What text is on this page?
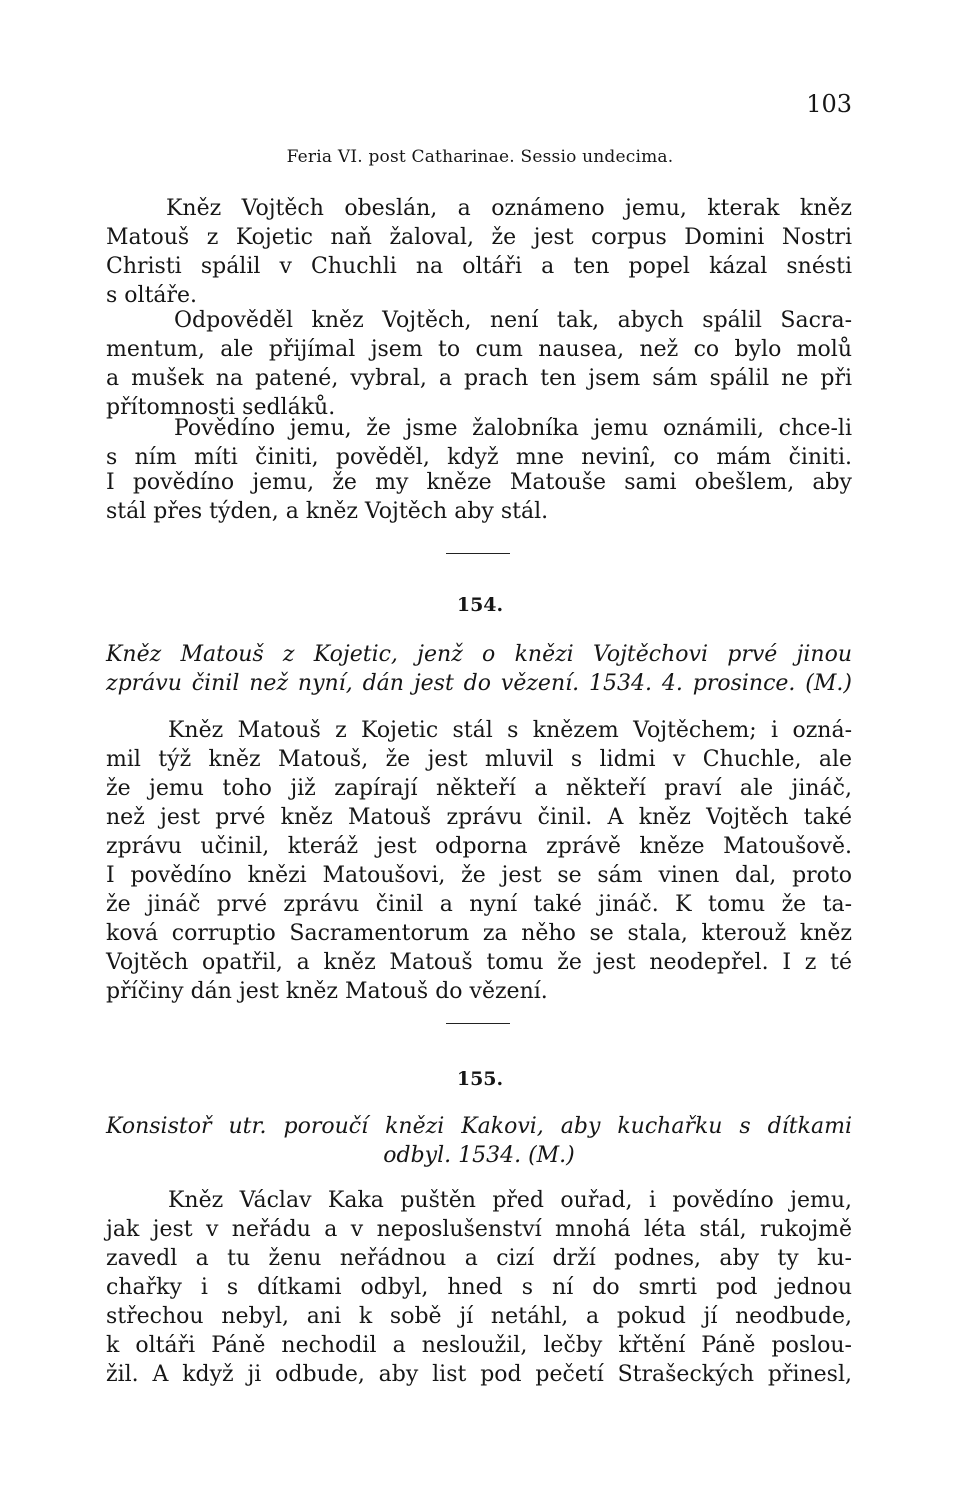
103
Feria VI. post Catharinae. Sessio undecima.
Kněz Vojtěch obeslán, a oznámeno jemu, kterak kněz
Matouš z Kojetic naň žaloval, že jest corpus Domini Nostri
Christi spálil v Chuchli na oltáři a ten popel kázal snésti
s oltáře.
Odpověděl kněz Vojtěch, není tak, abych spálil Sacra-
mentum, ale přijímal jsem to cum nausea, než co bylo molů
a mušek na patené, vybral, a prach ten jsem sám spálil ne při
přítomnosti sedláků.
Povědíno jemu, že jsme žalobníka jemu oznámili, chce-li
s ním míti činiti, pověděl, když mne nevinî, co mám činiti.
I povědíno jemu, že my kněze Matouše sami obešlem, aby
stál přes týden, a kněz Vojtěch aby stál.
154.
Kněz Matouš z Kojetic, jenž o knězi Vojtěchovi prvé jinou
zprávu činil než nyní, dán jest do vězení. 1534. 4. prosince. (M.)
Kněz Matouš z Kojetic stál s knězem Vojtěchem; i ozná-
mil týž kněz Matouš, že jest mluvil s lidmi v Chuchle, ale
že jemu toho již zapírají někteří a někteří praví ale jináč,
než jest prvé kněz Matouš zprávu činil. A kněz Vojtěch také
zprávu učinil, kteráž jest odporna zprávě kněze Matoušově.
I povědíno knězi Matoušovi, že jest se sám vinen dal, proto
že jináč prvé zprávu činil a nyní také jináč. K tomu že ta-
ková corruptio Sacramentorum za něho se stala, kterouž kněz
Vojtěch opatřil, a kněz Matouš tomu že jest neodepřel. I z té
příčiny dán jest kněz Matouš do vězení.
155.
Konsistoř utr. poroučí knězi Kakovi, aby kuchařku s dítkami
odbyl. 1534. (M.)
Kněz Václav Kaka puštěn před ouřad, i povědíno jemu,
jak jest v neřádu a v neposlušenství mnohá léta stál, rukojmě
zavedl a tu ženu neřádnou a cizí drží podnes, aby ty ku-
chařky i s dítkami odbyl, hned s ní do smrti pod jednou
střechou nebyl, ani k sobě jí netáhl, a pokud jí neodbude,
k oltáři Páně nechodil a nesloužil, lečby křtění Páně poslou-
žil. A když ji odbude, aby list pod pečetí Strašeckých přinesl,
